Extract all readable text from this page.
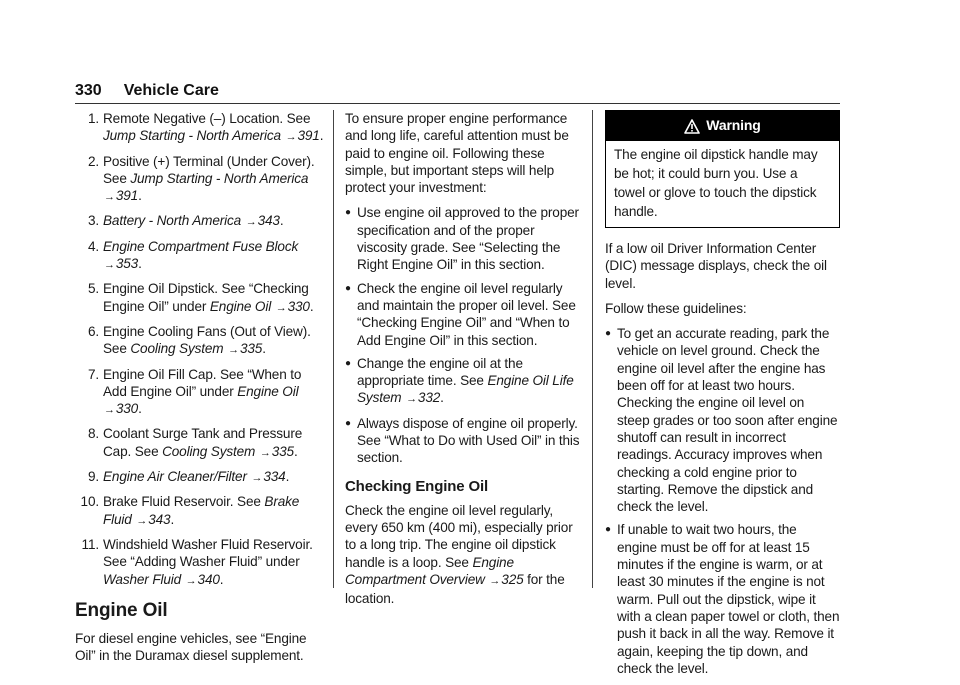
330 Vehicle Care
1. Remote Negative (–) Location. See Jump Starting - North America →391.
2. Positive (+) Terminal (Under Cover). See Jump Starting - North America →391.
3. Battery - North America →343.
4. Engine Compartment Fuse Block →353.
5. Engine Oil Dipstick. See “Checking Engine Oil” under Engine Oil →330.
6. Engine Cooling Fans (Out of View). See Cooling System →335.
7. Engine Oil Fill Cap. See “When to Add Engine Oil” under Engine Oil →330.
8. Coolant Surge Tank and Pressure Cap. See Cooling System →335.
9. Engine Air Cleaner/Filter →334.
10. Brake Fluid Reservoir. See Brake Fluid →343.
11. Windshield Washer Fluid Reservoir. See “Adding Washer Fluid” under Washer Fluid →340.
Engine Oil

For diesel engine vehicles, see “Engine Oil” in the Duramax diesel supplement.

To ensure proper engine performance and long life, careful attention must be paid to engine oil. Following these simple, but important steps will help protect your investment:

● Use engine oil approved to the proper specification and of the proper viscosity grade. See “Selecting the Right Engine Oil” in this section.
● Check the engine oil level regularly and maintain the proper oil level. See “Checking Engine Oil” and “When to Add Engine Oil” in this section.
● Change the engine oil at the appropriate time. See Engine Oil Life System →332.
● Always dispose of engine oil properly. See “What to Do with Used Oil” in this section.
Checking Engine Oil

Check the engine oil level regularly, every 650 km (400 mi), especially prior to a long trip. The engine oil dipstick handle is a loop. See Engine Compartment Overview →325 for the location.

Warning
The engine oil dipstick handle may be hot; it could burn you. Use a towel or glove to touch the dipstick handle.

If a low oil Driver Information Center (DIC) message displays, check the oil level.

Follow these guidelines:

● To get an accurate reading, park the vehicle on level ground. Check the engine oil level after the engine has been off for at least two hours. Checking the engine oil level on steep grades or too soon after engine shutoff can result in incorrect readings. Accuracy improves when checking a cold engine prior to starting. Remove the dipstick and check the level.
● If unable to wait two hours, the engine must be off for at least 15 minutes if the engine is warm, or at least 30 minutes if the engine is not warm. Pull out the dipstick, wipe it with a clean paper towel or cloth, then push it back in all the way. Remove it again, keeping the tip down, and check the level.
